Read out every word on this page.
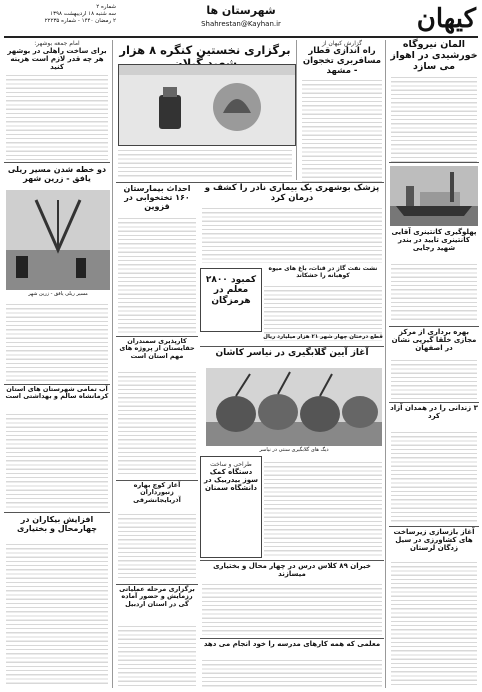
کیهان
شهرستان ها
Shahrestan@Kayhan.ir
شماره ۲
سه شنبه ۱۸ اردیبهشت ۱۳۹۸
۲ رمضان ۱۴۴۰ - شماره ۲۲۲۳۵

المان نیروگاه خورشیدی در اهواز می سازد

گزارش کیهان از

راه اندازی قطار مسافربری تخجوان - مشهد

برگزاری نخستین کنگره ۸ هزار

امام جمعه بوشهر:

برای ساخت راهلی در بوشهر هر چه قدر لازم است هزینه کنید

دو خطه شدن مسیر ریلی یافق - زرین شهر

مسیر ریلی یافق - زرین شهر

آب تمامی شهرستان های استان کرمانشاه سالم و بهداشتی است

افزایش بیکاران در چهارمحال و بختیاری

پزشک بوشهری یک بیماری نادر را کشف و درمان کرد

احداث بیمارستان ۱۶۰ تختخوابی در قزوین

کمبود ۲۸۰۰ معلم در هرمزگان

نشت نفت گاز در قنات، باغ های میوه کوهبانه را خشکاند

پهلوگیری کانتینری آقایی کانتینری تایید در بندر شهید رجایی

بهره برداری از مرکز مجازی خلقا گیرپی نشان در اصفهان

۳ زندانی را در همدان آزاد کرد

آغاز بازسازی زیرساخت های کشاورزی در سیل زدگان لرستان

کارپذیری سمندران حقایستان از پروژه های مهم استان است	آغاز آیین گلابگیری در نیاسر کاشان

دیگ های گلابگیری سنتی در نیاسر

طراحی و ساخت

دستگاه کمک سوز بیدربیک در دانشگاه سمنان

آغاز کوچ بهاره زنبورداران آذربایجانشرقی

برگزاری مرحله عملیاتی رزمایش و حضور آماده گی در استان اردبیل

خبران ۸۹ کلاس درس در چهار محال و بختیاری میسازند

معلمی که همه کارهای مدرسه را خود انجام می دهد

قطع درختان چهار شهر ۲۱ هزار میلیارد ریال
